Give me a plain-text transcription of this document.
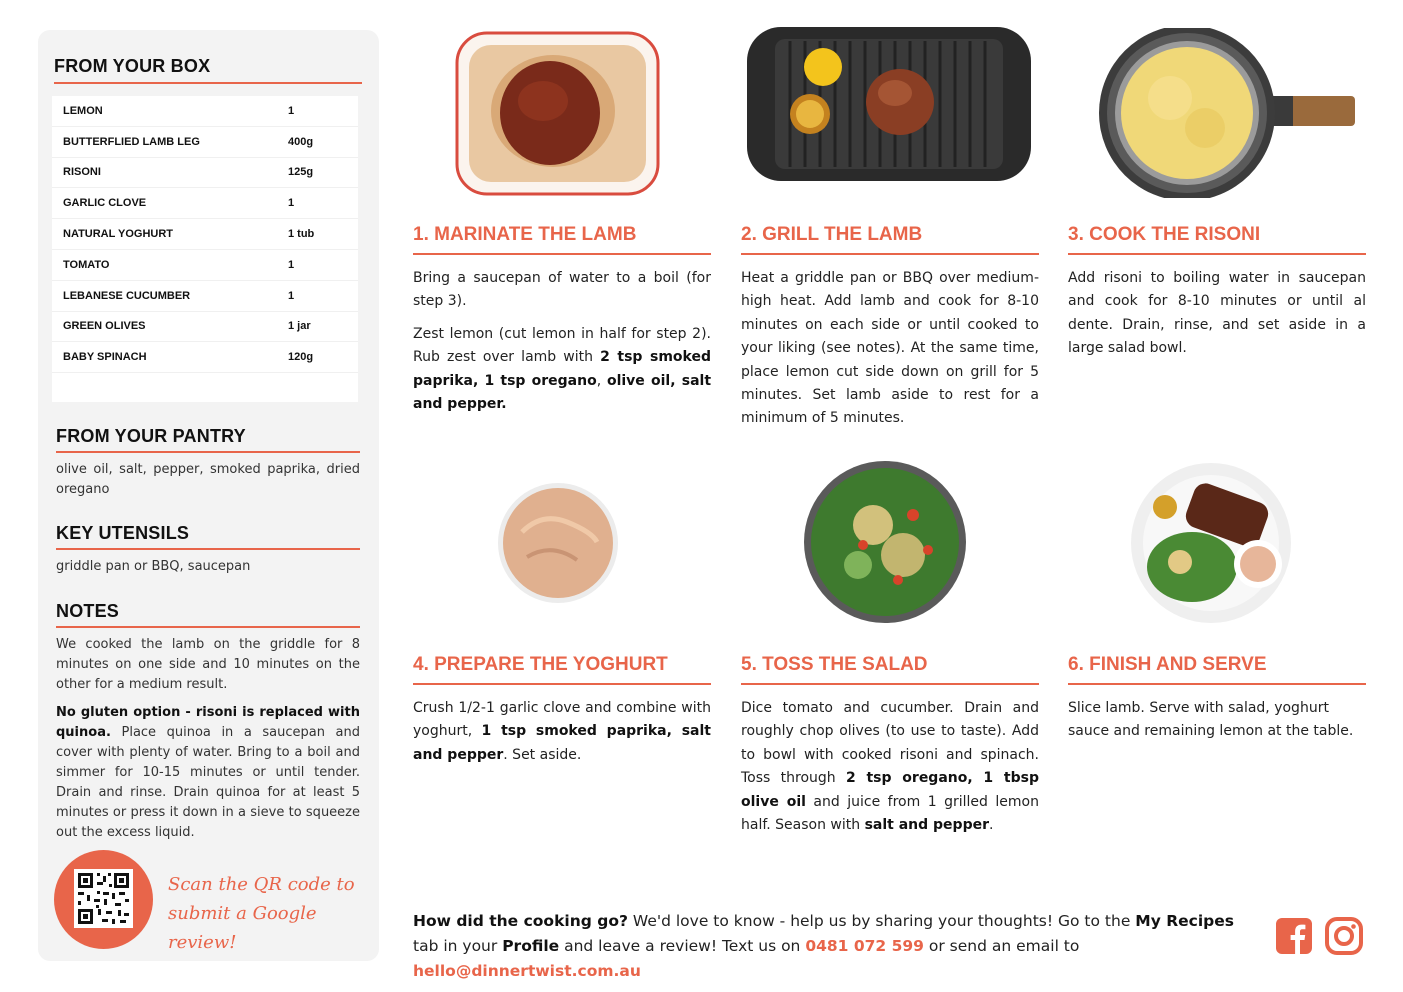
FROM YOUR BOX
LEMON	1
BUTTERFLIED LAMB LEG	400g
RISONI	125g
GARLIC CLOVE	1
NATURAL YOGHURT	1 tub
TOMATO	1
LEBANESE CUCUMBER	1
GREEN OLIVES	1 jar
BABY SPINACH	120g
FROM YOUR PANTRY
olive oil, salt, pepper, smoked paprika, dried oregano
KEY UTENSILS
griddle pan or BBQ, saucepan
NOTES
We cooked the lamb on the griddle for 8 minutes on one side and 10 minutes on the other for a medium result.
No gluten option - risoni is replaced with quinoa. Place quinoa in a saucepan and cover with plenty of water. Bring to a boil and simmer for 10-15 minutes or until tender. Drain and rinse. Drain quinoa for at least 5 minutes or press it down in a sieve to squeeze out the excess liquid.
Scan the QR code to
submit a Google review!
1. MARINATE THE LAMB

Bring a saucepan of water to a boil (for step 3).

Zest lemon (cut lemon in half for step 2). Rub zest over lamb with 2 tsp smoked paprika, 1 tsp oregano, olive oil, salt and pepper.

2. GRILL THE LAMB

Heat a griddle pan or BBQ over medium-high heat. Add lamb and cook for 8-10 minutes on each side or until cooked to your liking (see notes). At the same time, place lemon cut side down on grill for 5 minutes. Set lamb aside to rest for a minimum of 5 minutes.

3. COOK THE RISONI

Add risoni to boiling water in saucepan and cook for 8-10 minutes or until al dente. Drain, rinse, and set aside in a large salad bowl.

4. PREPARE THE YOGHURT

Crush 1/2-1 garlic clove and combine with yoghurt, 1 tsp smoked paprika, salt and pepper. Set aside.

5. TOSS THE SALAD

Dice tomato and cucumber. Drain and roughly chop olives (to use to taste). Add to bowl with cooked risoni and spinach. Toss through 2 tsp oregano, 1 tbsp olive oil and juice from 1 grilled lemon half. Season with salt and pepper.

6. FINISH AND SERVE

Slice lamb. Serve with salad, yoghurt sauce and remaining lemon at the table.

How did the cooking go? We'd love to know - help us by sharing your thoughts! Go to the My Recipes tab in your Profile and leave a review! Text us on 0481 072 599 or send an email to hello@dinnertwist.com.au
